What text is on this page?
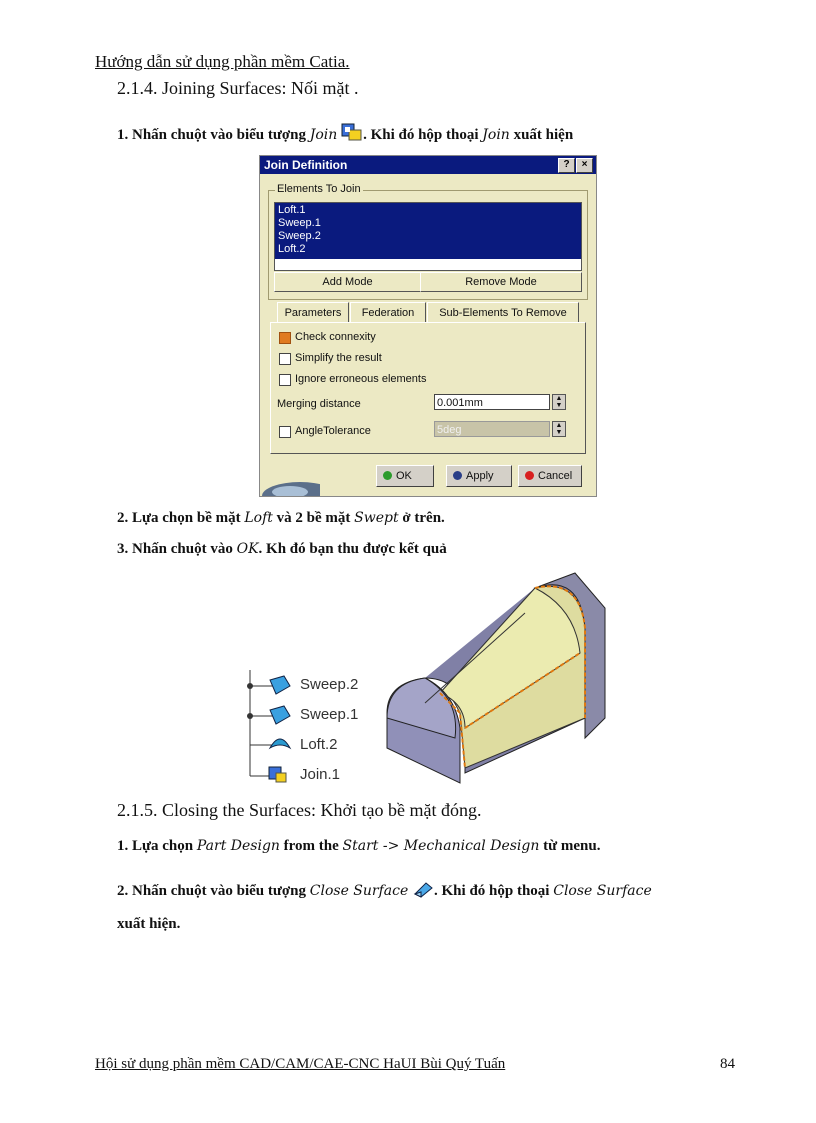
Hướng dẫn sử dụng phần mềm Catia.
2.1.4. Joining Surfaces: Nối mặt .
1. Nhấn chuột vào biểu tượng Join . Khi đó hộp thoại Join xuất hiện
Join Definition	?	×
Elements To Join
Loft.1
Sweep.1
Sweep.2
Loft.2
Add Mode	Remove Mode
Parameters	Federation	Sub-Elements To Remove
Check connexity
Simplify the result
Ignore erroneous elements
Merging distance	0.001mm	▲
▼
AngleTolerance	5deg	▲
▼
OK	Apply	Cancel
2. Lựa chọn bề mặt Loft và 2 bề mặt Swept ở trên.
3. Nhấn chuột vào OK. Kh đó bạn thu được kết quả
Sweep.2
Sweep.1
Loft.2
Join.1
2.1.5. Closing the Surfaces: Khởi tạo bề mặt đóng.
1. Lựa chọn Part Design from the Start -> Mechanical Design từ menu.
2. Nhấn chuột vào biểu tượng Close Surface . Khi đó hộp thoại Close Surface
xuất hiện.
Hội sử dụng phần mềm CAD/CAM/CAE-CNC HaUI Bùi Quý Tuấn	84
